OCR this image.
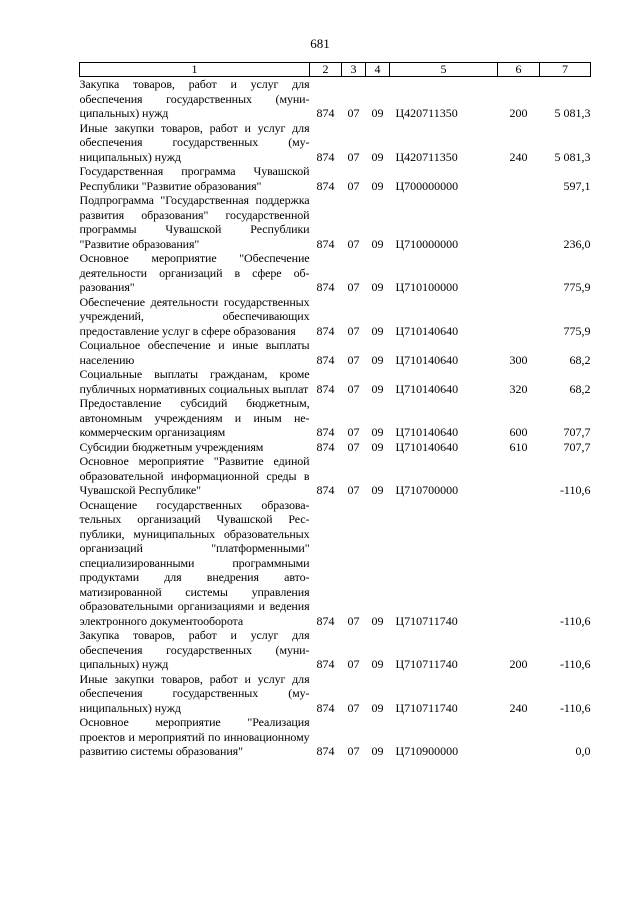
681
1	2	3	4	5	6	7
Закупка товаров, работ и услуг для обеспечения государственных (муниципальных) нужд	874	07	09	Ц420711350	200	5 081,3
Иные закупки товаров, работ и услуг для обеспечения государственных (муниципальных) нужд	874	07	09	Ц420711350	240	5 081,3
Государственная программа Чувашской Республики "Развитие образования"	874	07	09	Ц700000000		597,1
Подпрограмма "Государственная поддержка развития образования" государственной программы Чувашской Республики "Развитие образования"	874	07	09	Ц710000000		236,0
Основное мероприятие "Обеспечение деятельности организаций в сфере образования"	874	07	09	Ц710100000		775,9
Обеспечение деятельности государственных учреждений, обеспечивающих предоставление услуг в сфере образования	874	07	09	Ц710140640		775,9
Социальное обеспечение и иные выплаты населению	874	07	09	Ц710140640	300	68,2
Социальные выплаты гражданам, кроме публичных нормативных социальных выплат	874	07	09	Ц710140640	320	68,2
Предоставление субсидий бюджетным, автономным учреждениям и иным некоммерческим организациям	874	07	09	Ц710140640	600	707,7
Субсидии бюджетным учреждениям	874	07	09	Ц710140640	610	707,7
Основное мероприятие "Развитие единой образовательной информационной среды в Чувашской Республике"	874	07	09	Ц710700000		-110,6
Оснащение государственных образовательных организаций Чувашской Республики, муниципальных образовательных организаций "платформенными" специализированными программными продуктами для внедрения автоматизированной системы управления образовательными организациями и ведения электронного документооборота	874	07	09	Ц710711740		-110,6
Закупка товаров, работ и услуг для обеспечения государственных (муниципальных) нужд	874	07	09	Ц710711740	200	-110,6
Иные закупки товаров, работ и услуг для обеспечения государственных (муниципальных) нужд	874	07	09	Ц710711740	240	-110,6
Основное мероприятие "Реализация проектов и мероприятий по инновационному развитию системы образования"	874	07	09	Ц710900000		0,0
